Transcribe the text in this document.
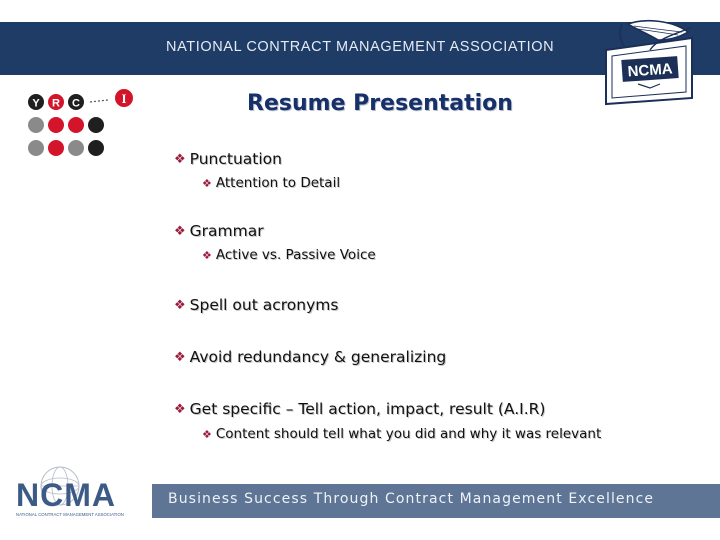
NATIONAL CONTRACT MANAGEMENT ASSOCIATION
NCMA
Y R C	I	Resume Presentation
❖ Punctuation
❖ Attention to Detail
❖ Grammar
❖ Active vs. Passive Voice
❖ Spell out acronyms
❖ Avoid redundancy & generalizing
❖ Get specific – Tell action, impact, result (A.I.R)
❖ Content should tell what you did and why it was relevant
NCMA
NATIONAL CONTRACT MANAGEMENT ASSOCIATION
Business Success Through Contract Management Excellence
